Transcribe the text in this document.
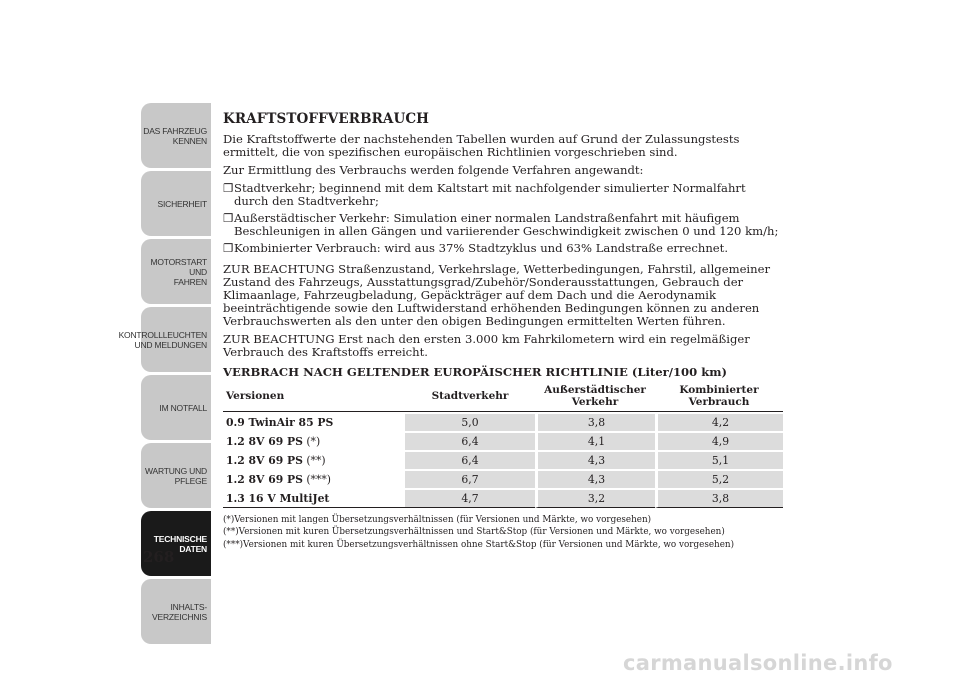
DAS FAHRZEUG
KENNEN
SICHERHEIT
MOTORSTART UND
FAHREN
KONTROLLLEUCHTEN
UND MELDUNGEN
IM NOTFALL
WARTUNG UND
PFLEGE
TECHNISCHE
DATEN
INHALTS-
VERZEICHNIS
268
KRAFTSTOFFVERBRAUCH

Die Kraftstoffwerte der nachstehenden Tabellen wurden auf Grund der Zulassungstests ermittelt, die von spezifischen europäischen Richtlinien vorgeschrieben sind.

Zur Ermittlung des Verbrauchs werden folgende Verfahren angewandt:

❐ Stadtverkehr; beginnend mit dem Kaltstart mit nachfolgender simulierter Normalfahrt durch den Stadtverkehr;
❐ Außerstädtischer Verkehr: Simulation einer normalen Landstraßenfahrt mit häufigem Beschleunigen in allen Gängen und variierender Geschwindigkeit zwischen 0 und 120 km/h;
❐ Kombinierter Verbrauch: wird aus 37% Stadtzyklus und 63% Landstraße errechnet.

ZUR BEACHTUNG Straßenzustand, Verkehrslage, Wetterbedingungen, Fahrstil, allgemeiner Zustand des Fahrzeugs, Ausstattungsgrad/Zubehör/Sonderausstattungen, Gebrauch der Klimaanlage, Fahrzeugbeladung, Gepäckträger auf dem Dach und die Aerodynamik beeinträchtigende sowie den Luftwiderstand erhöhenden Bedingungen können zu anderen Verbrauchswerten als den unter den obigen Bedingungen ermittelten Werten führen.

ZUR BEACHTUNG Erst nach den ersten 3.000 km Fahrkilometern wird ein regelmäßiger Verbrauch des Kraftstoffs erreicht.

VERBRACH NACH GELTENDER EUROPÄISCHER RICHTLINIE (Liter/100 km)
Versionen	Stadtverkehr	Außerstädtischer Verkehr	Kombinierter Verbrauch
0.9 TwinAir 85 PS	5,0	3,8	4,2
1.2 8V 69 PS (*)	6,4	4,1	4,9
1.2 8V 69 PS (**)	6,4	4,3	5,1
1.2 8V 69 PS (***)	6,7	4,3	5,2
1.3 16 V MultiJet	4,7	3,2	3,8
(*)Versionen mit langen Übersetzungsverhältnissen (für Versionen und Märkte, wo vorgesehen)
(**)Versionen mit kuren Übersetzungsverhältnissen und Start&Stop (für Versionen und Märkte, wo vorgesehen)
(***)Versionen mit kuren Übersetzungsverhältnissen ohne Start&Stop (für Versionen und Märkte, wo vorgesehen)
carmanualsonline.info
